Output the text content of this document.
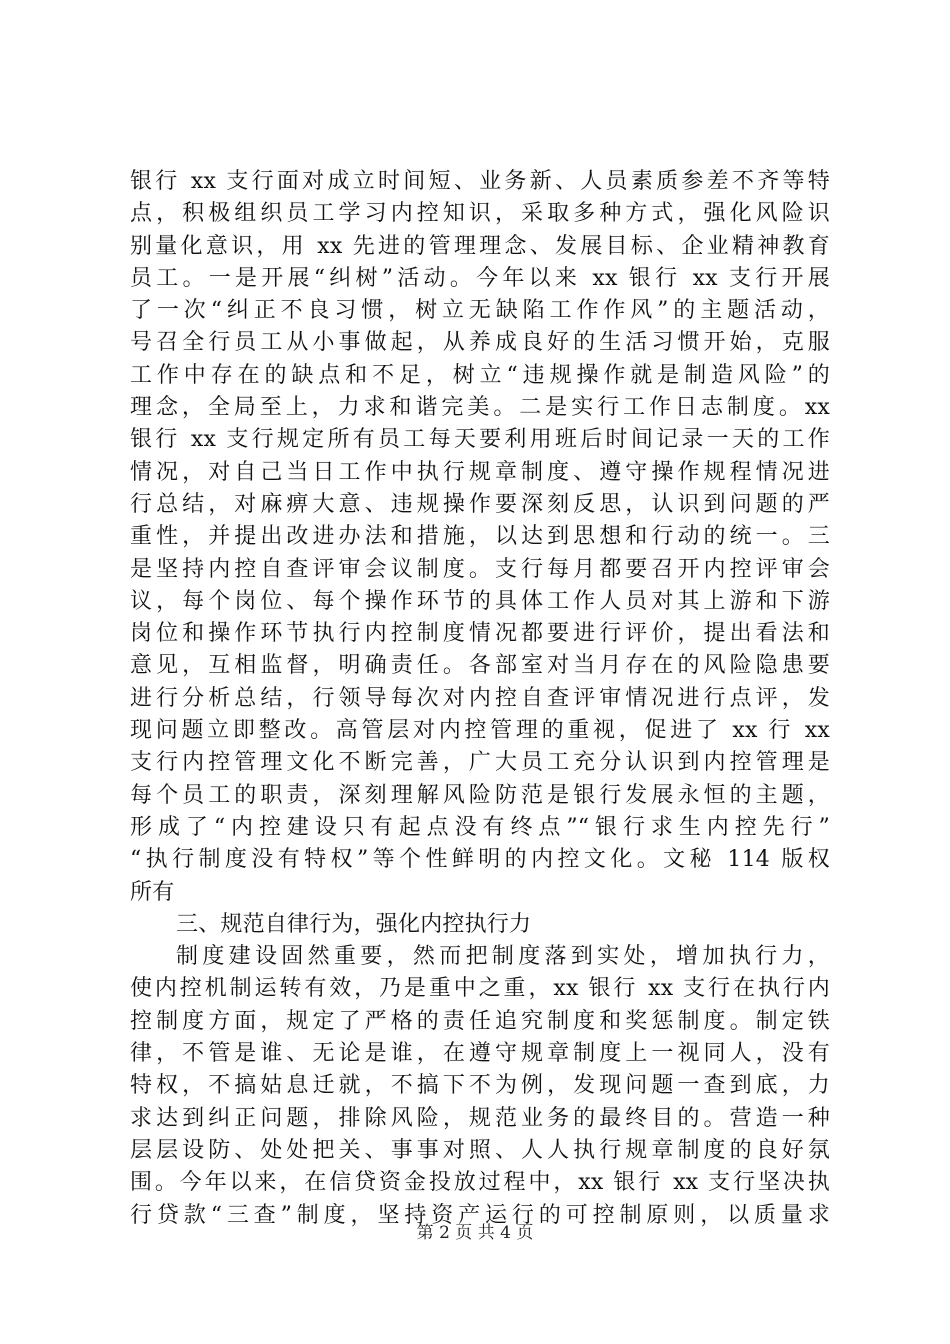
银行 xx 支行面对成立时间短、业务新、人员素质参差不齐等特
点，积极组织员工学习内控知识，采取多种方式，强化风险识
别量化意识，用 xx 先进的管理理念、发展目标、企业精神教育
员工。一是开展“纠树”活动。今年以来 xx 银行 xx 支行开展
了一次“纠正不良习惯，树立无缺陷工作作风”的主题活动，
号召全行员工从小事做起，从养成良好的生活习惯开始，克服
工作中存在的缺点和不足，树立“违规操作就是制造风险”的
理念，全局至上，力求和谐完美。二是实行工作日志制度。xx
银行 xx 支行规定所有员工每天要利用班后时间记录一天的工作
情况，对自己当日工作中执行规章制度、遵守操作规程情况进
行总结，对麻痹大意、违规操作要深刻反思，认识到问题的严
重性，并提出改进办法和措施，以达到思想和行动的统一。三
是坚持内控自查评审会议制度。支行每月都要召开内控评审会
议，每个岗位、每个操作环节的具体工作人员对其上游和下游
岗位和操作环节执行内控制度情况都要进行评价，提出看法和
意见，互相监督，明确责任。各部室对当月存在的风险隐患要
进行分析总结，行领导每次对内控自查评审情况进行点评，发
现问题立即整改。高管层对内控管理的重视，促进了 xx 行 xx
支行内控管理文化不断完善，广大员工充分认识到内控管理是
每个员工的职责，深刻理解风险防范是银行发展永恒的主题，
形成了“内控建设只有起点没有终点”“银行求生内控先行”
“执行制度没有特权”等个性鲜明的内控文化。文秘 114 版权
所有
三、规范自律行为，强化内控执行力
制度建设固然重要，然而把制度落到实处，增加执行力，
使内控机制运转有效，乃是重中之重，xx 银行 xx 支行在执行内
控制度方面，规定了严格的责任追究制度和奖惩制度。制定铁
律，不管是谁、无论是谁，在遵守规章制度上一视同人，没有
特权，不搞姑息迁就，不搞下不为例，发现问题一查到底，力
求达到纠正问题，排除风险，规范业务的最终目的。营造一种
层层设防、处处把关、事事对照、人人执行规章制度的良好氛
围。今年以来，在信贷资金投放过程中，xx 银行 xx 支行坚决执
行贷款“三查”制度，坚持资产运行的可控制原则，以质量求
第 2 页 共 4 页
